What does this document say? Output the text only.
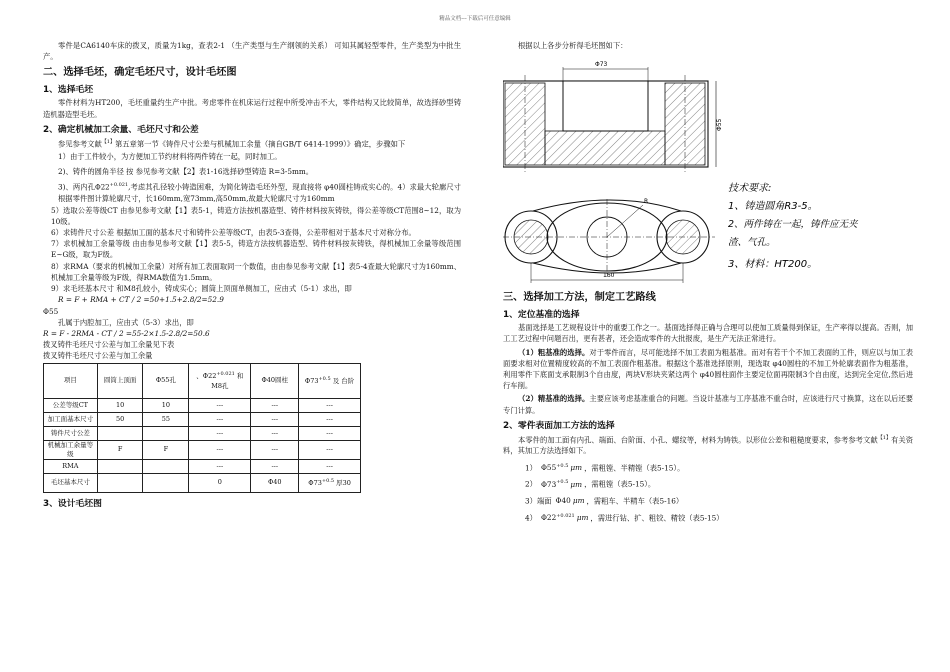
精品文档---下载后可任意编辑

零件是CA6140车床的拨叉，质量为1kg，查表2-1 （生产类型与生产纲领的关系） 可知其属轻型零件，生产类型为中批生产。

二、选择毛坯，确定毛坯尺寸，设计毛坯图
1、选择毛坯

零件材料为HT200，毛坯重量约生产中批。考虑零件在机床运行过程中所受冲击不大，零件结构又比较简单，故选择砂型铸造机器造型毛坯。

2、确定机械加工余量、毛坯尺寸和公差

参见参考文献$^{【1】}$第五章第一节《铸件尺寸公差与机械加工余量（摘自GB/T 6414-1999）》确定，步骤如下

1）由于工件较小，为方便加工节约材料将两件铸在一起，同时加工。

2)、铸件的圆角半径 按 参见参考文献【2】表1-16选择砂型铸造 R=3-5mm。

3)、两内孔$\Phi 22^{+0.021}$,考虑其孔径较小铸造困难，为简化铸造毛坯外型，现直接将 φ40圆柱铸成实心的。4）求最大轮廓尺寸 根据零件图计算轮廓尺寸，长160mm,宽73mm,高50mm,故最大轮廓尺寸为160mm

5）选取公差等级CT 由参见参考文献【1】表5-1，铸造方法按机器造型、铸件材料按灰铸铁，得公差等级CT范围8~12，取为10级。

6）求铸件尺寸公差 根据加工面的基本尺寸和铸件公差等级CT，由表5-3查得，公差带相对于基本尺寸对称分布。

7）求机械加工余量等级 由由参见参考文献【1】表5-5，铸造方法按机器造型、铸件材料按灰铸铁，得机械加工余量等级范围E~G级，取为F级。

8）求RMA（要求的机械加工余量）对所有加工表面取同一个数值，由由参见参考文献【1】表5-4查最大轮廓尺寸为160mm、机械加工余量等级为F级，得RMA数值为1.5mm。

9）求毛坯基本尺寸 和M8孔较小，铸成实心；圆筒上顶面单侧加工，应由式（5-1）求出，即

R = F + RMA + CT / 2 =50+1.5+2.8/2=52.9

Φ55

孔属于内腔加工，应由式（5-3）求出，即

R = F - 2RMA - CT / 2 =55-2×1.5-2.8/2=50.6

拨叉铸件毛坯尺寸公差与加工余量见下表

拨叉铸件毛坯尺寸公差与加工余量

项目	圆筒上顶面	Φ55孔	、$\Phi 22^{+0.021}$ 和
M8孔	Φ40圆柱	$\Phi 73^{+0.5}$ 及 台阶
公差等级CT	10	10	---	---	---
加工面基本尺寸	50	55	---	---	---
铸件尺寸公差			---	---	---
机械加工余量等级	F	F	---	---	---
RMA			---	---	---
毛坯基本尺寸			0	Φ40	$\Phi 73^{+0.5}$ 厚30
3、设计毛坯图

根据以上各步分析得毛坯图如下：

Φ73
Φ55
160
R
技术要求:
1、铸造圆角R3-5。
2、两件铸在一起，铸件应无夹
渣、气孔。
3、材料：HT200。
三、选择加工方法，制定工艺路线
1、定位基准的选择

基面选择是工艺规程设计中的重要工作之一。基面选择得正确与合理可以使加工质量得到保证，生产率得以提高。否则，加工工艺过程中问题百出，更有甚者，还会造成零件的大批报废，是生产无法正常进行。

（1）粗基准的选择。对于零件而言，尽可能选择不加工表面为粗基准。而对有若干个不加工表面的工件，则应以与加工表面要求相对位置精度较高的不加工表面作粗基准。根据这个基准选择原则，现选取 φ40圆柱的不加工外轮廓表面作为粗基准，利用零件下底面支承限制3个自由度，两块V形块夹紧这两个 φ40圆柱面作主要定位面再限制3个自由度，达到完全定位,然后进行车削。

（2）精基准的选择。主要应该考虑基准重合的问题。当设计基准与工序基准不重合时，应该进行尺寸换算，这在以后还要专门计算。

2、零件表面加工方法的选择

本零件的加工面有内孔、端面、台阶面、小孔、螺纹等，材料为铸铁。以形位公差和粗糙度要求，参考参考文献$^{【1】}$有关资料，其加工方法选择如下。

1） $\Phi 55^{+0.5}$ μm ，需粗镗、半精镗（表5-15）。

2） $\Phi 73^{+0.5}$ μm ，需粗镗（表5-15）。

3）端面 Φ40 μm ，需粗车、半精车（表5-16）

4） $\Phi 22^{+0.021}$ μm ，需进行钻、扩、粗铰、精铰（表5-15）
